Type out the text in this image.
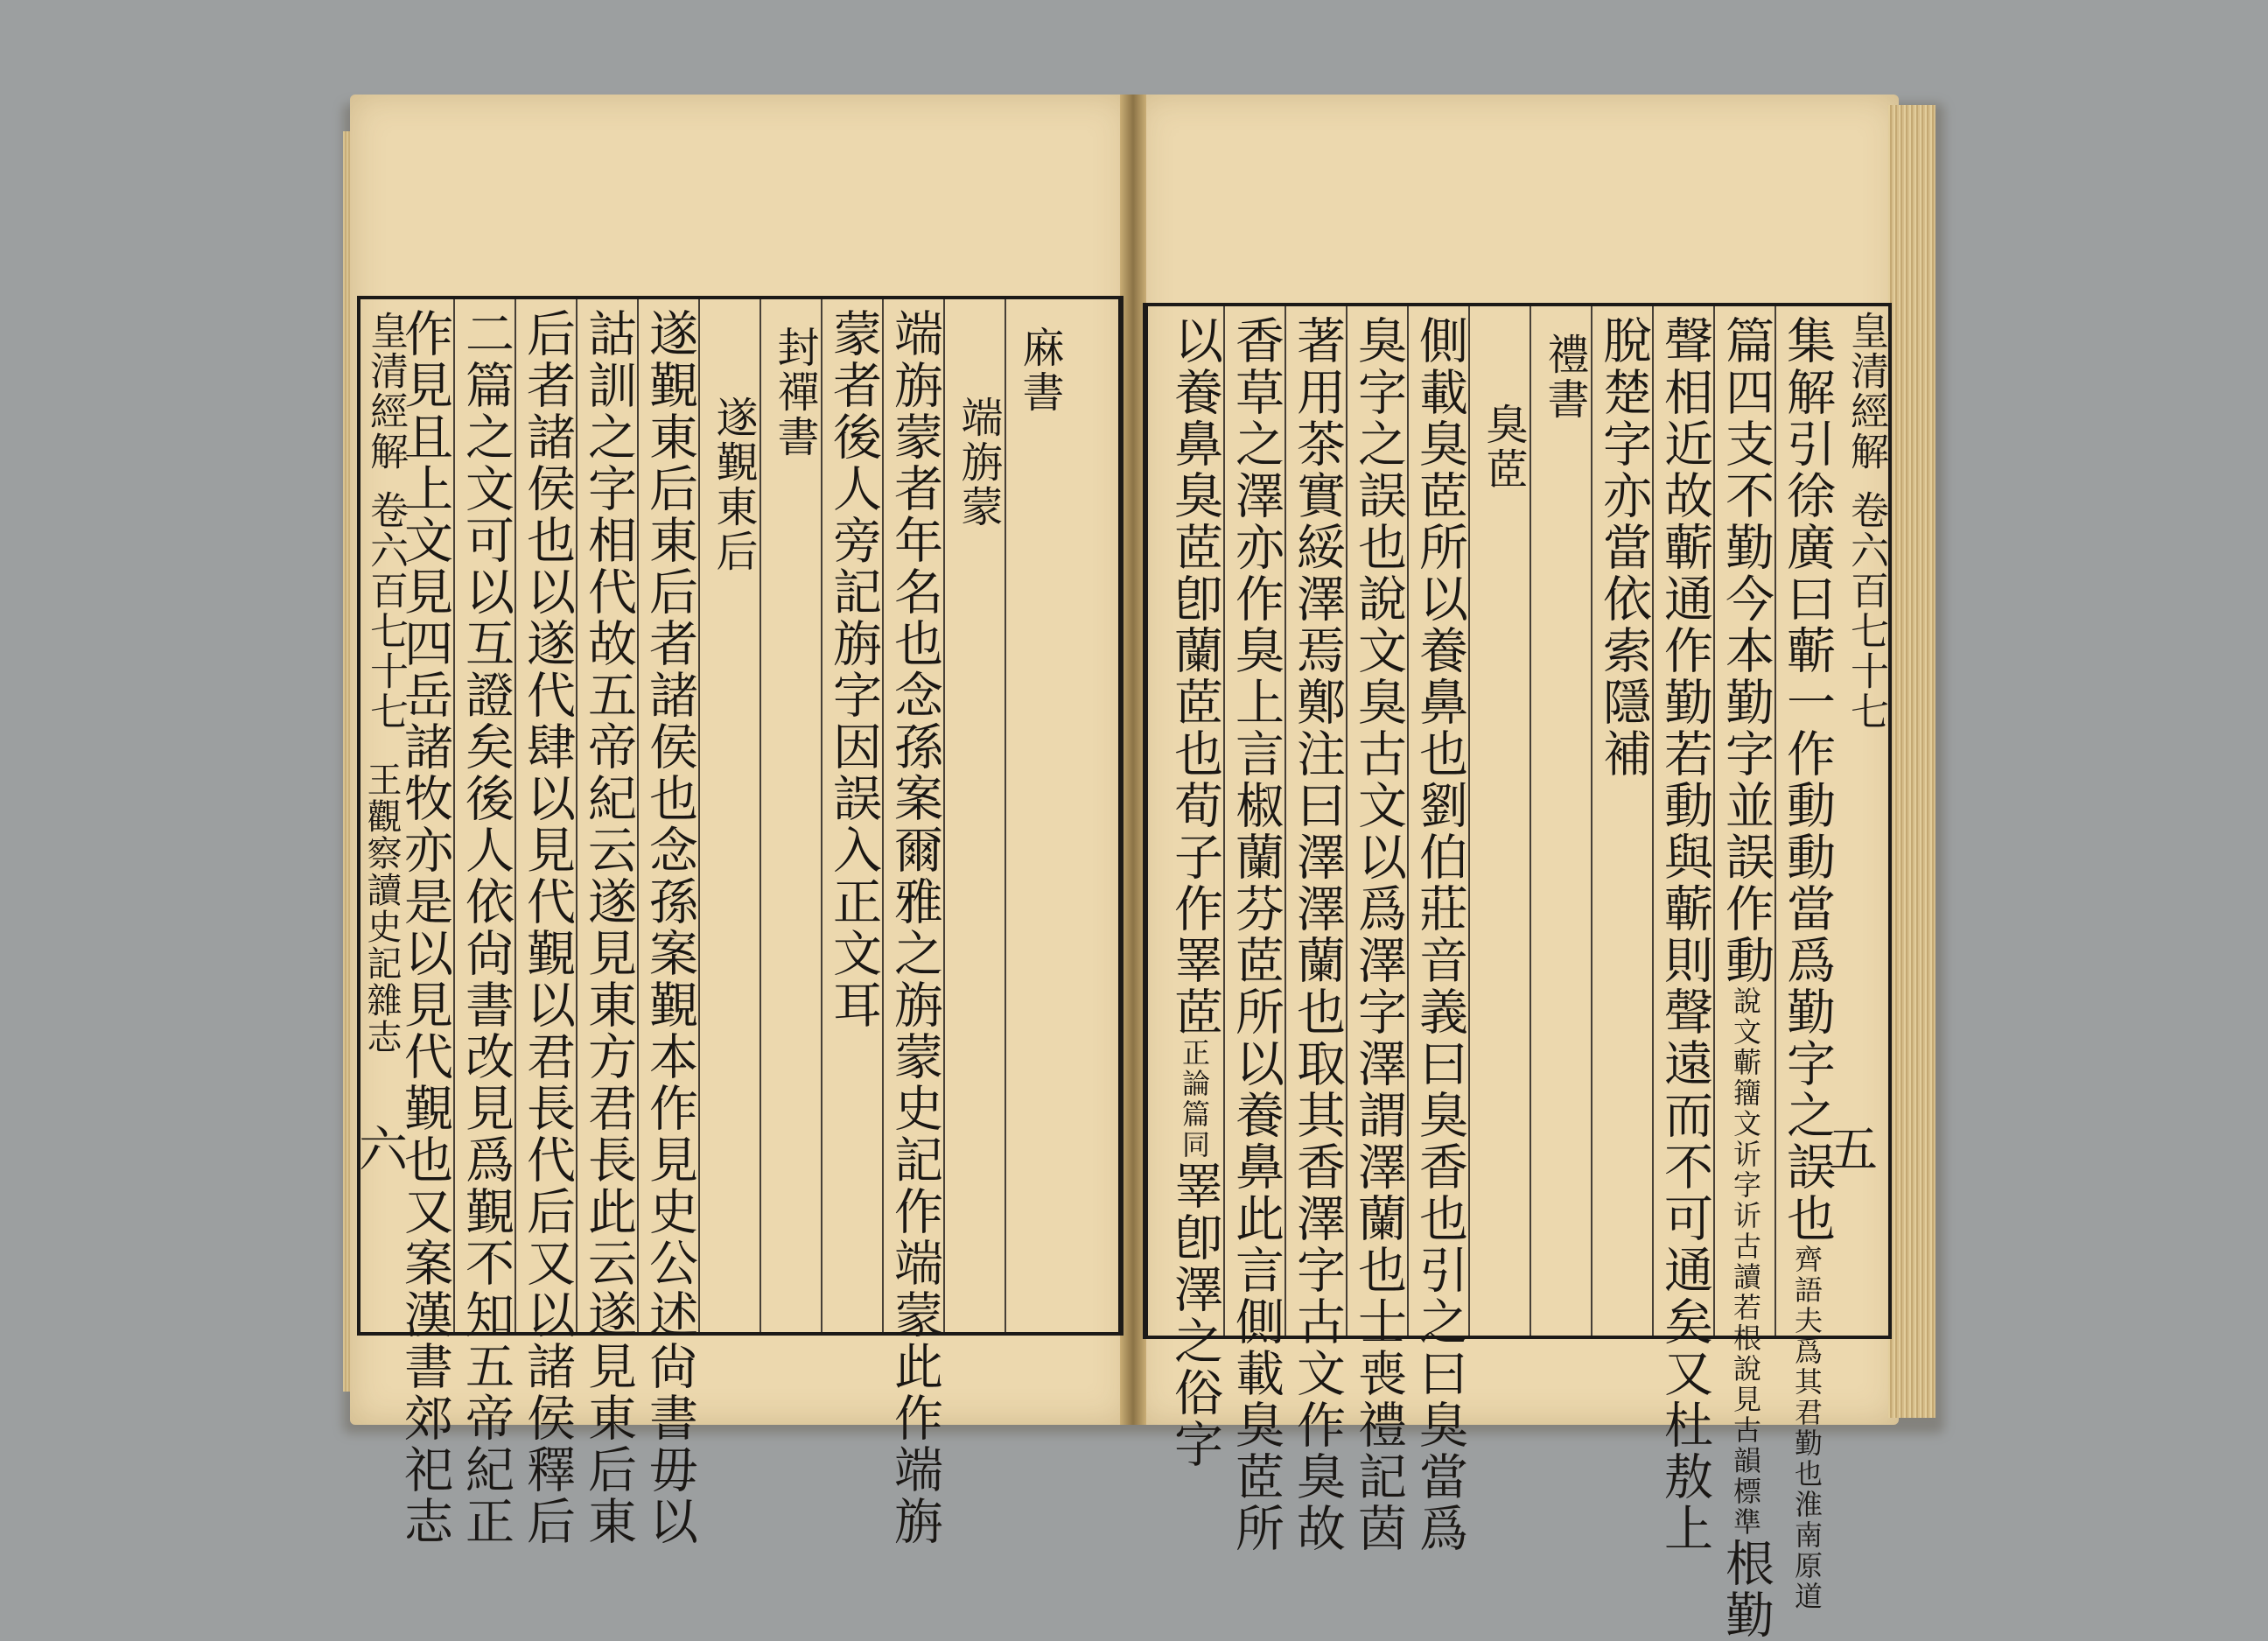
皇清經解
卷六百七十七
王觀察讀史記雜志
六
麻書
端旃蒙
端旃蒙者年名也念孫案爾雅之旃蒙史記作端蒙此作端旃
蒙者後人旁記旃字因誤入正文耳
封禪書
遂覲東后
遂覲東后東后者諸侯也念孫案覲本作見史公述尙書毋以
詁訓之字相代故五帝紀云遂見東方君長此云遂見東后東
后者諸侯也以遂代肆以見代覲以君長代后又以諸侯釋后
二篇之文可以互證矣後人依尙書改見爲覲不知五帝紀正
作見且上文見四岳諸牧亦是以見代覲也又案漢書郊祀志	集解引徐廣曰蘄一作動動當爲勤字之誤也齊語夫爲其君勤也淮南原道
篇四支不勤今本勤字並誤作動說文蘄籒文䜣字䜣古讀若根說見古韻標準根勤
聲相近故蘄通作勤若動與蘄則聲遠而不可通矣又杜敖上
脫楚字亦當依索隱補
禮書
臭茝
側載臭茝所以養鼻也劉伯莊音義曰臭香也引之曰臭當爲
臭字之誤也說文臭古文以爲澤字澤謂澤蘭也士喪禮記茵
著用茶實綏澤焉鄭注曰澤澤蘭也取其香澤字古文作臭故
香草之澤亦作臭上言椒蘭芬茝所以養鼻此言側載臭茝所
以養鼻臭茝卽蘭茝也荀子作睪茝正論篇同睪卽澤之俗字
皇清經解
卷六百七十七
五
